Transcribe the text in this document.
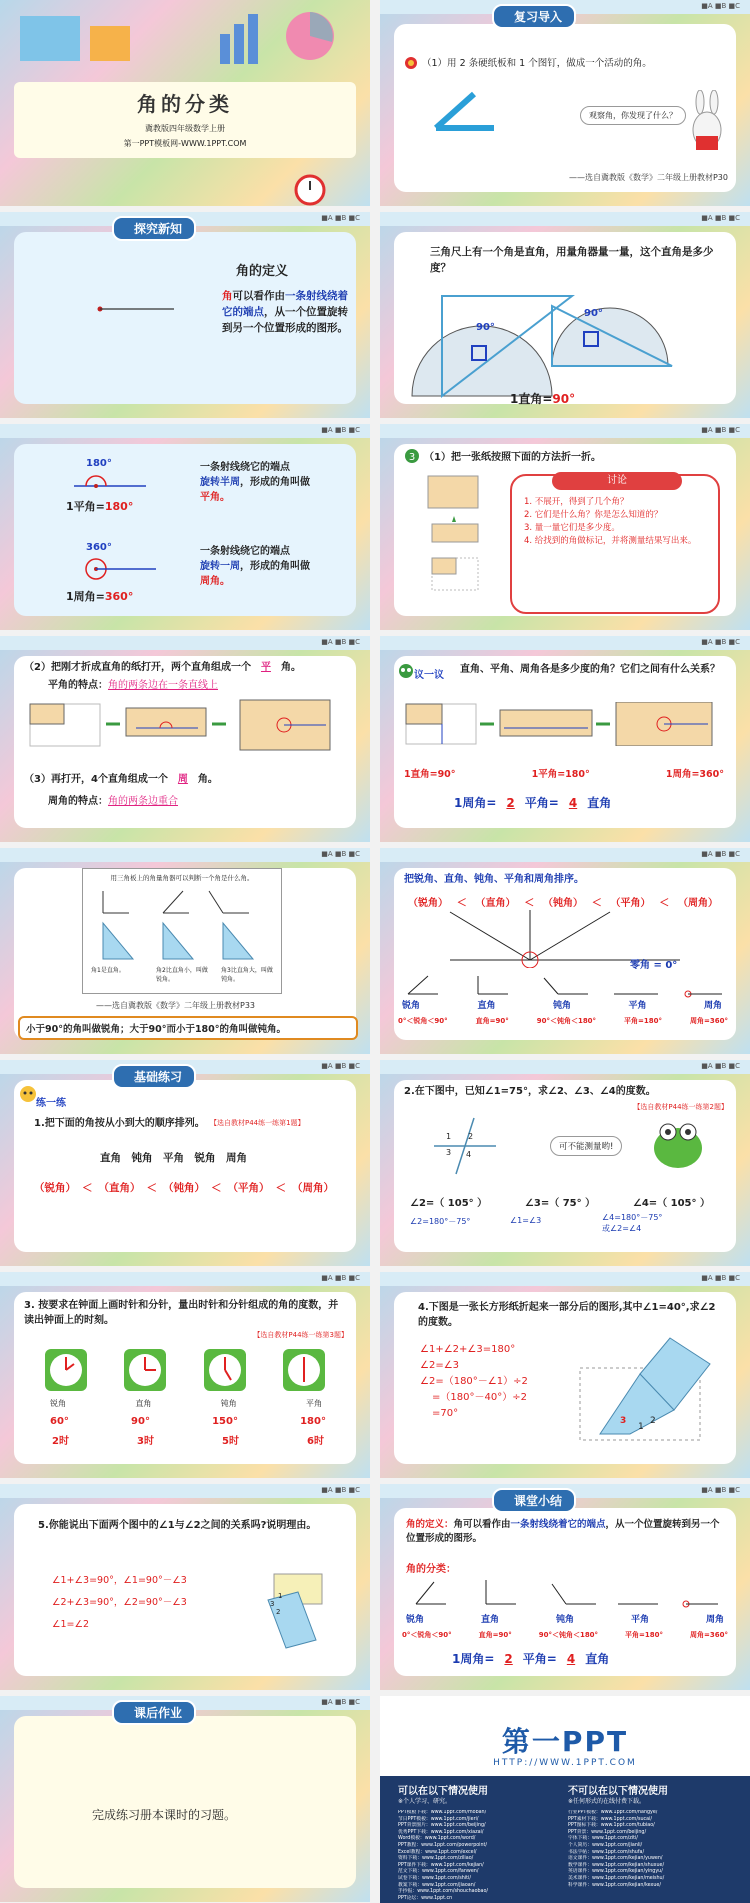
角的分类
冀教版四年级数学上册
第一PPT模板网-WWW.1PPT.COM
■A ■B ■C
复习导入
（1）用 2 条硬纸板和 1 个图钉，做成一个活动的角。
观察角，你发现了什么？
——选自冀教版《数学》二年级上册教材P30
■A ■B ■C
探究新知
角的定义
角可以看作由一条射线绕着它的端点，从一个位置旋转到另一个位置形成的图形。
■A ■B ■C
90°
90°
三角尺上有一个角是直角，用量角器量一量，这个直角是多少度？
1直角=90°
■A ■B ■C
180°
1平角=180°
一条射线绕它的端点
旋转半周，形成的角叫做
平角。
360°
1周角=360°
一条射线绕它的端点
旋转一周，形成的角叫做
周角。
■A ■B ■C
3 （1）把一张纸按照下面的方法折一折。
讨论
1. 不展开，得到了几个角？
2. 它们是什么角？你是怎么知道的？
3. 量一量它们是多少度。
4. 给找到的角做标记，并将测量结果写出来。
■A ■B ■C
（2）把刚才折成直角的纸打开，两个直角组成一个 平 角。
平角的特点：角的两条边在一条直线上
（3）再打开，4个直角组成一个 周 角。
周角的特点：角的两条边重合
■A ■B ■C
议一议
直角、平角、周角各是多少度的角？它们之间有什么关系？
1直角=90°	1平角=180°	1周角=360°
1周角= 2 平角= 4 直角
■A ■B ■C
用三角板上的角量角器可以判断一个角是什么角。
角1是直角。	角2比直角小，叫做锐角。
角3比直角大，叫做钝角。
——选自冀教版《数学》二年级上册教材P33
小于90°的角叫做锐角；大于90°而小于180°的角叫做钝角。
■A ■B ■C
把锐角、直角、钝角、平角和周角排序。
（锐角） ＜ （直角） ＜ （钝角） ＜ （平角） ＜ （周角）
零角 = 0°
锐角	直角	钝角	平角	周角
0°＜锐角＜90°	直角=90°	90°＜钝角＜180°	平角=180°	周角=360°
■A ■B ■C
基础练习
练一练
1.把下面的角按从小到大的顺序排列。 【选自教材P44练一练第1题】
直角　钝角　平角　锐角　周角
（锐角） ＜ （直角） ＜ （钝角） ＜ （平角） ＜ （周角）
■A ■B ■C
2.在下图中，已知∠1=75°，求∠2、∠3、∠4的度数。
【选自教材P44练一练第2题】
1 2
3 4
可不能测量哟!
∠2=（ 105° ）	∠3=（ 75° ）	∠4=（ 105° ）
∠2=180°－75°	∠1=∠3	∠4=180°－75°
或∠2=∠4
■A ■B ■C
3. 按要求在钟面上画时针和分针，量出时针和分针组成的角的度数，并读出钟面上的时刻。
【选自教材P44练一练第3题】
锐角	直角	钝角	平角
60°	90°	150°	180°
2时	3时	5时	6时
■A ■B ■C
4.下图是一张长方形纸折起来一部分后的图形,其中∠1=40°,求∠2的度数。
∠1+∠2+∠3=180°
∠2=∠3
∠2=（180°－∠1）÷2
=（180°－40°）÷2
=70°
3
1
2
■A ■B ■C
5.你能说出下面两个图中的∠1与∠2之间的关系吗?说明理由。
∠1+∠3=90°，∠1=90°－∠3
∠2+∠3=90°，∠2=90°－∠3
∠1=∠2
1
3
2
■A ■B ■C
课堂小结
角的定义：角可以看作由一条射线绕着它的端点，从一个位置旋转到另一个位置形成的图形。
角的分类：
锐角	直角	钝角	平角	周角
0°＜锐角＜90°	直角=90°	90°＜钝角＜180°	平角=180°	周角=360°
1周角= 2 平角= 4 直角
■A ■B ■C
课后作业
完成练习册本课时的习题。
第一PPT
HTTP://WWW.1PPT.COM
可以在以下情况使用
※个人学习、研究。
不可以在以下情况使用
※任何形式的在线付费下载。
PPT模板下载：www.1ppt.com/moban/	行业PPT模板：www.1ppt.com/hangye/
节日PPT模板：www.1ppt.com/jieri/	PPT素材下载：www.1ppt.com/sucai/
PPT背景图片：www.1ppt.com/beijing/	PPT图标下载：www.1ppt.com/tubiao/
优秀PPT下载：www.1ppt.com/xiazai/	PPT背景：www.1ppt.com/beijing/
Word模板：www.1ppt.com/word/	字体下载：www.1ppt.com/ziti/
PPT教程：www.1ppt.com/powerpoint/	个人简历：www.1ppt.com/jianli/
Excel教程：www.1ppt.com/excel/	书法字帖：www.1ppt.com/shufa/
资料下载：www.1ppt.com/ziliao/	语文课件：www.1ppt.com/kejian/yuwen/
PPT课件下载：www.1ppt.com/kejian/	数学课件：www.1ppt.com/kejian/shuxue/
范文下载：www.1ppt.com/fanwen/	英语课件：www.1ppt.com/kejian/yingyu/
试卷下载：www.1ppt.com/shiti/	美术课件：www.1ppt.com/kejian/meishu/
教案下载：www.1ppt.com/jiaoan/	科学课件：www.1ppt.com/kejian/kexue/
手抄报：www.1ppt.com/shouchaobao/
PPT论坛：www.1ppt.cn
